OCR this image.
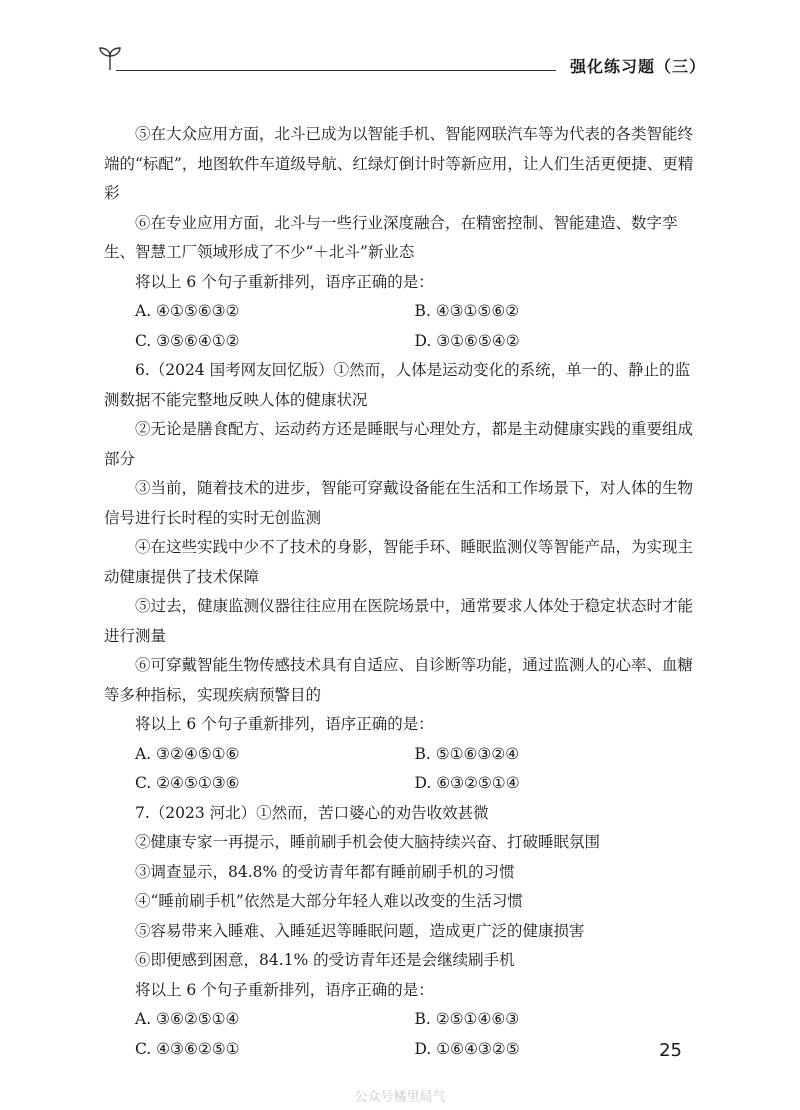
强化练习题（三）

⑤在大众应用方面，北斗已成为以智能手机、智能网联汽车等为代表的各类智能终端的“标配”，地图软件车道级导航、红绿灯倒计时等新应用，让人们生活更便捷、更精彩

⑥在专业应用方面，北斗与一些行业深度融合，在精密控制、智能建造、数字孪生、智慧工厂领域形成了不少“＋北斗”新业态

将以上 6 个句子重新排列，语序正确的是：

A. ④①⑤⑥③②	B. ④③①⑤⑥②
C. ③⑤⑥④①②	D. ③①⑥⑤④②

6.（2024 国考网友回忆版）①然而，人体是运动变化的系统，单一的、静止的监测数据不能完整地反映人体的健康状况

②无论是膳食配方、运动药方还是睡眠与心理处方，都是主动健康实践的重要组成部分

③当前，随着技术的进步，智能可穿戴设备能在生活和工作场景下，对人体的生物信号进行长时程的实时无创监测

④在这些实践中少不了技术的身影，智能手环、睡眠监测仪等智能产品，为实现主动健康提供了技术保障

⑤过去，健康监测仪器往往应用在医院场景中，通常要求人体处于稳定状态时才能进行测量

⑥可穿戴智能生物传感技术具有自适应、自诊断等功能，通过监测人的心率、血糖等多种指标，实现疾病预警目的

将以上 6 个句子重新排列，语序正确的是：

A. ③②④⑤①⑥	B. ⑤①⑥③②④
C. ②④⑤①③⑥	D. ⑥③②⑤①④

7.（2023 河北）①然而，苦口婆心的劝告收效甚微

②健康专家一再提示，睡前刷手机会使大脑持续兴奋、打破睡眠氛围

③调查显示，84.8% 的受访青年都有睡前刷手机的习惯

④“睡前刷手机”依然是大部分年轻人难以改变的生活习惯

⑤容易带来入睡难、入睡延迟等睡眠问题，造成更广泛的健康损害

⑥即便感到困意，84.1% 的受访青年还是会继续刷手机

将以上 6 个句子重新排列，语序正确的是：

A. ③⑥②⑤①④	B. ②⑤①④⑥③
C. ④③⑥②⑤①	D. ①⑥④③②⑤	25
公众号橘里局气
